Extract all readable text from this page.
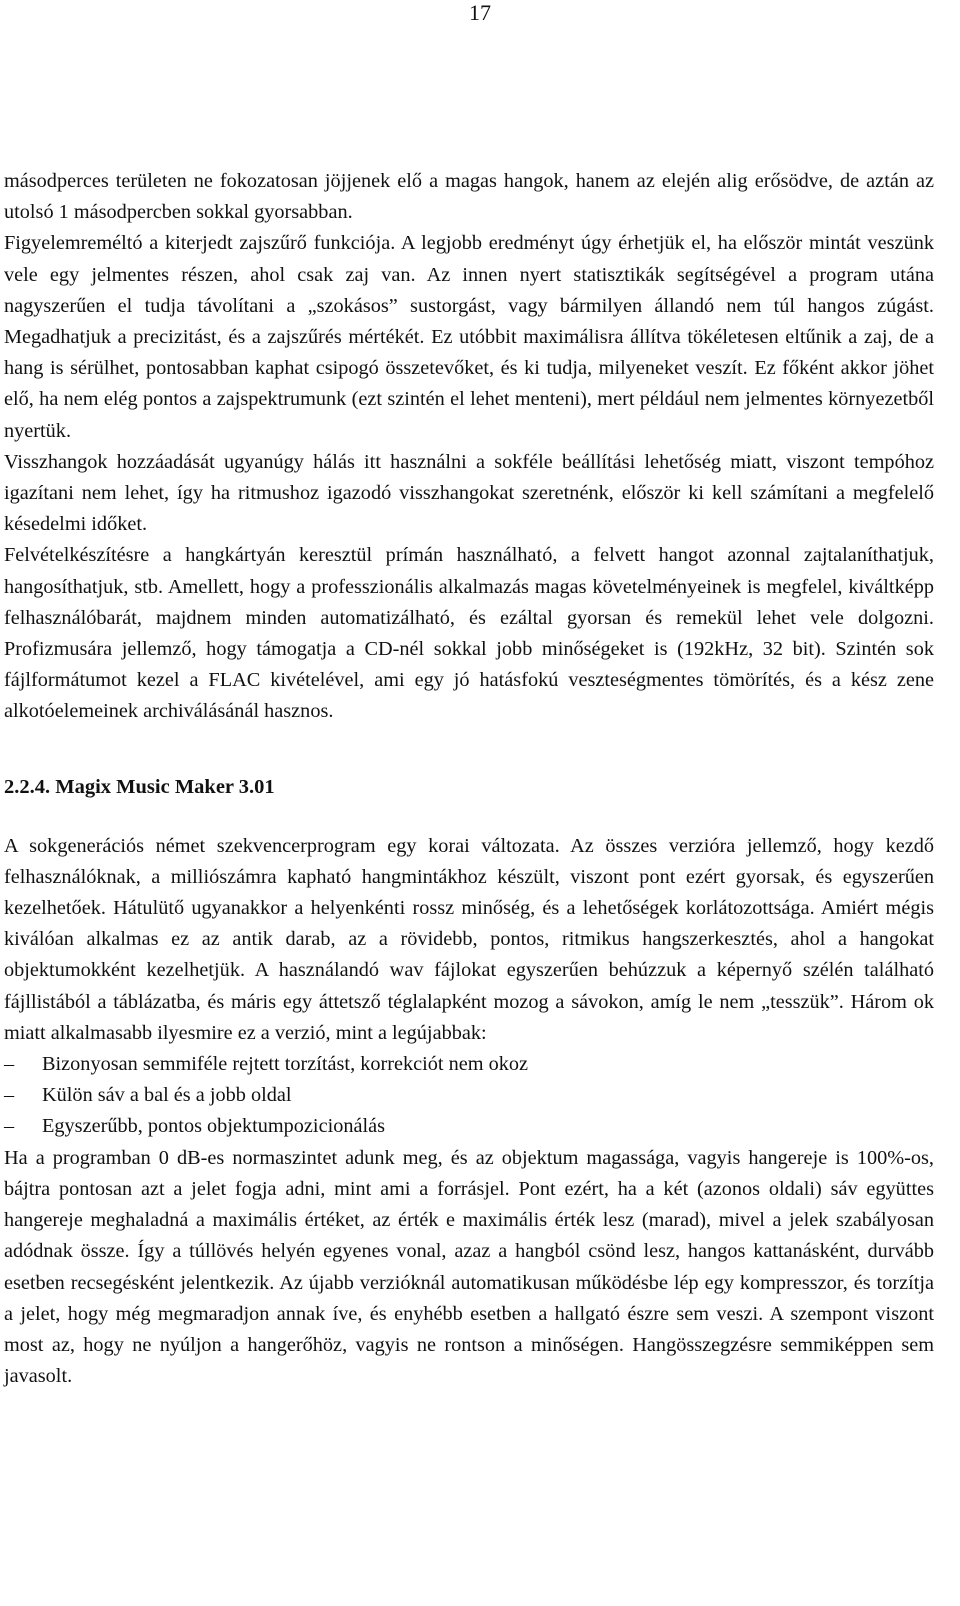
17

másodperces területen ne fokozatosan jöjjenek elő a magas hangok, hanem az elején alig erősödve, de aztán az utolsó 1 másodpercben sokkal gyorsabban.

Figyelemreméltó a kiterjedt zajszűrő funkciója. A legjobb eredményt úgy érhetjük el, ha először mintát veszünk vele egy jelmentes részen, ahol csak zaj van. Az innen nyert statisztikák segítségével a program utána nagyszerűen el tudja távolítani a „szokásos” sustorgást, vagy bármilyen állandó nem túl hangos zúgást. Megadhatjuk a precizitást, és a zajszűrés mértékét. Ez utóbbit maximálisra állítva tökéletesen eltűnik a zaj, de a hang is sérülhet, pontosabban kaphat csipogó összetevőket, és ki tudja, milyeneket veszít. Ez főként akkor jöhet elő, ha nem elég pontos a zajspektrumunk (ezt szintén el lehet menteni), mert például nem jelmentes környezetből nyertük.

Visszhangok hozzáadását ugyanúgy hálás itt használni a sokféle beállítási lehetőség miatt, viszont tempóhoz igazítani nem lehet, így ha ritmushoz igazodó visszhangokat szeretnénk, először ki kell számítani a megfelelő késedelmi időket.

Felvételkészítésre a hangkártyán keresztül prímán használható, a felvett hangot azonnal zajtalaníthatjuk, hangosíthatjuk, stb. Amellett, hogy a professzionális alkalmazás magas követelményeinek is megfelel, kiváltképp felhasználóbarát, majdnem minden automatizálható, és ezáltal gyorsan és remekül lehet vele dolgozni. Profizmusára jellemző, hogy támogatja a CD-nél sokkal jobb minőségeket is (192kHz, 32 bit). Szintén sok fájlformátumot kezel a FLAC kivételével, ami egy jó hatásfokú veszteségmentes tömörítés, és a kész zene alkotóelemeinek archiválásánál hasznos.

2.2.4. Magix Music Maker 3.01

A sokgenerációs német szekvencerprogram egy korai változata. Az összes verzióra jellemző, hogy kezdő felhasználóknak, a milliószámra kapható hangmintákhoz készült, viszont pont ezért gyorsak, és egyszerűen kezelhetőek. Hátulütő ugyanakkor a helyenkénti rossz minőség, és a lehetőségek korlátozottsága. Amiért mégis kiválóan alkalmas ez az antik darab, az a rövidebb, pontos, ritmikus hangszerkesztés, ahol a hangokat objektumokként kezelhetjük. A használandó wav fájlokat egyszerűen behúzzuk a képernyő szélén található fájllistából a táblázatba, és máris egy áttetsző téglalapként mozog a sávokon, amíg le nem „tesszük”. Három ok miatt alkalmasabb ilyesmire ez a verzió, mint a legújabbak:

– Bizonyosan semmiféle rejtett torzítást, korrekciót nem okoz
– Külön sáv a bal és a jobb oldal
– Egyszerűbb, pontos objektumpozicionálás

Ha a programban 0 dB-es normaszintet adunk meg, és az objektum magassága, vagyis hangereje is 100%-os, bájtra pontosan azt a jelet fogja adni, mint ami a forrásjel. Pont ezért, ha a két (azonos oldali) sáv együttes hangereje meghaladná a maximális értéket, az érték e maximális érték lesz (marad), mivel a jelek szabályosan adódnak össze. Így a túllövés helyén egyenes vonal, azaz a hangból csönd lesz, hangos kattanásként, durvább esetben recsegésként jelentkezik. Az újabb verzióknál automatikusan működésbe lép egy kompresszor, és torzítja a jelet, hogy még megmaradjon annak íve, és enyhébb esetben a hallgató észre sem veszi. A szempont viszont most az, hogy ne nyúljon a hangerőhöz, vagyis ne rontson a minőségen. Hangösszegzésre semmiképpen sem javasolt.
